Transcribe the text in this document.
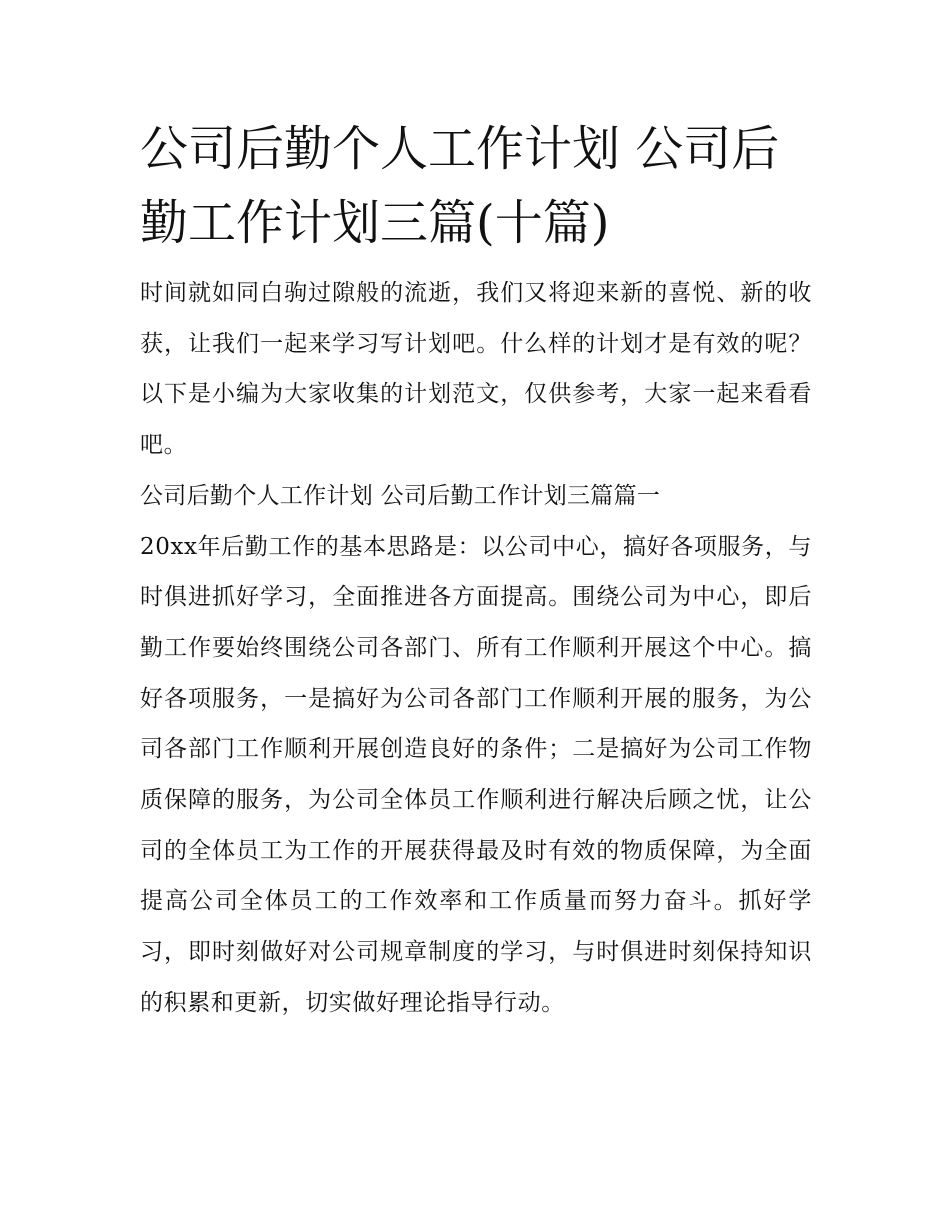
公司后勤个人工作计划 公司后勤工作计划三篇(十篇)

时间就如同白驹过隙般的流逝，我们又将迎来新的喜悦、新的收获，让我们一起来学习写计划吧。什么样的计划才是有效的呢？以下是小编为大家收集的计划范文，仅供参考，大家一起来看看吧。

公司后勤个人工作计划 公司后勤工作计划三篇篇一

20xx年后勤工作的基本思路是：以公司中心，搞好各项服务，与时俱进抓好学习，全面推进各方面提高。围绕公司为中心，即后勤工作要始终围绕公司各部门、所有工作顺利开展这个中心。搞好各项服务，一是搞好为公司各部门工作顺利开展的服务，为公司各部门工作顺利开展创造良好的条件；二是搞好为公司工作物质保障的服务，为公司全体员工作顺利进行解决后顾之忧，让公司的全体员工为工作的开展获得最及时有效的物质保障，为全面提高公司全体员工的工作效率和工作质量而努力奋斗。抓好学习，即时刻做好对公司规章制度的学习，与时俱进时刻保持知识的积累和更新，切实做好理论指导行动。
